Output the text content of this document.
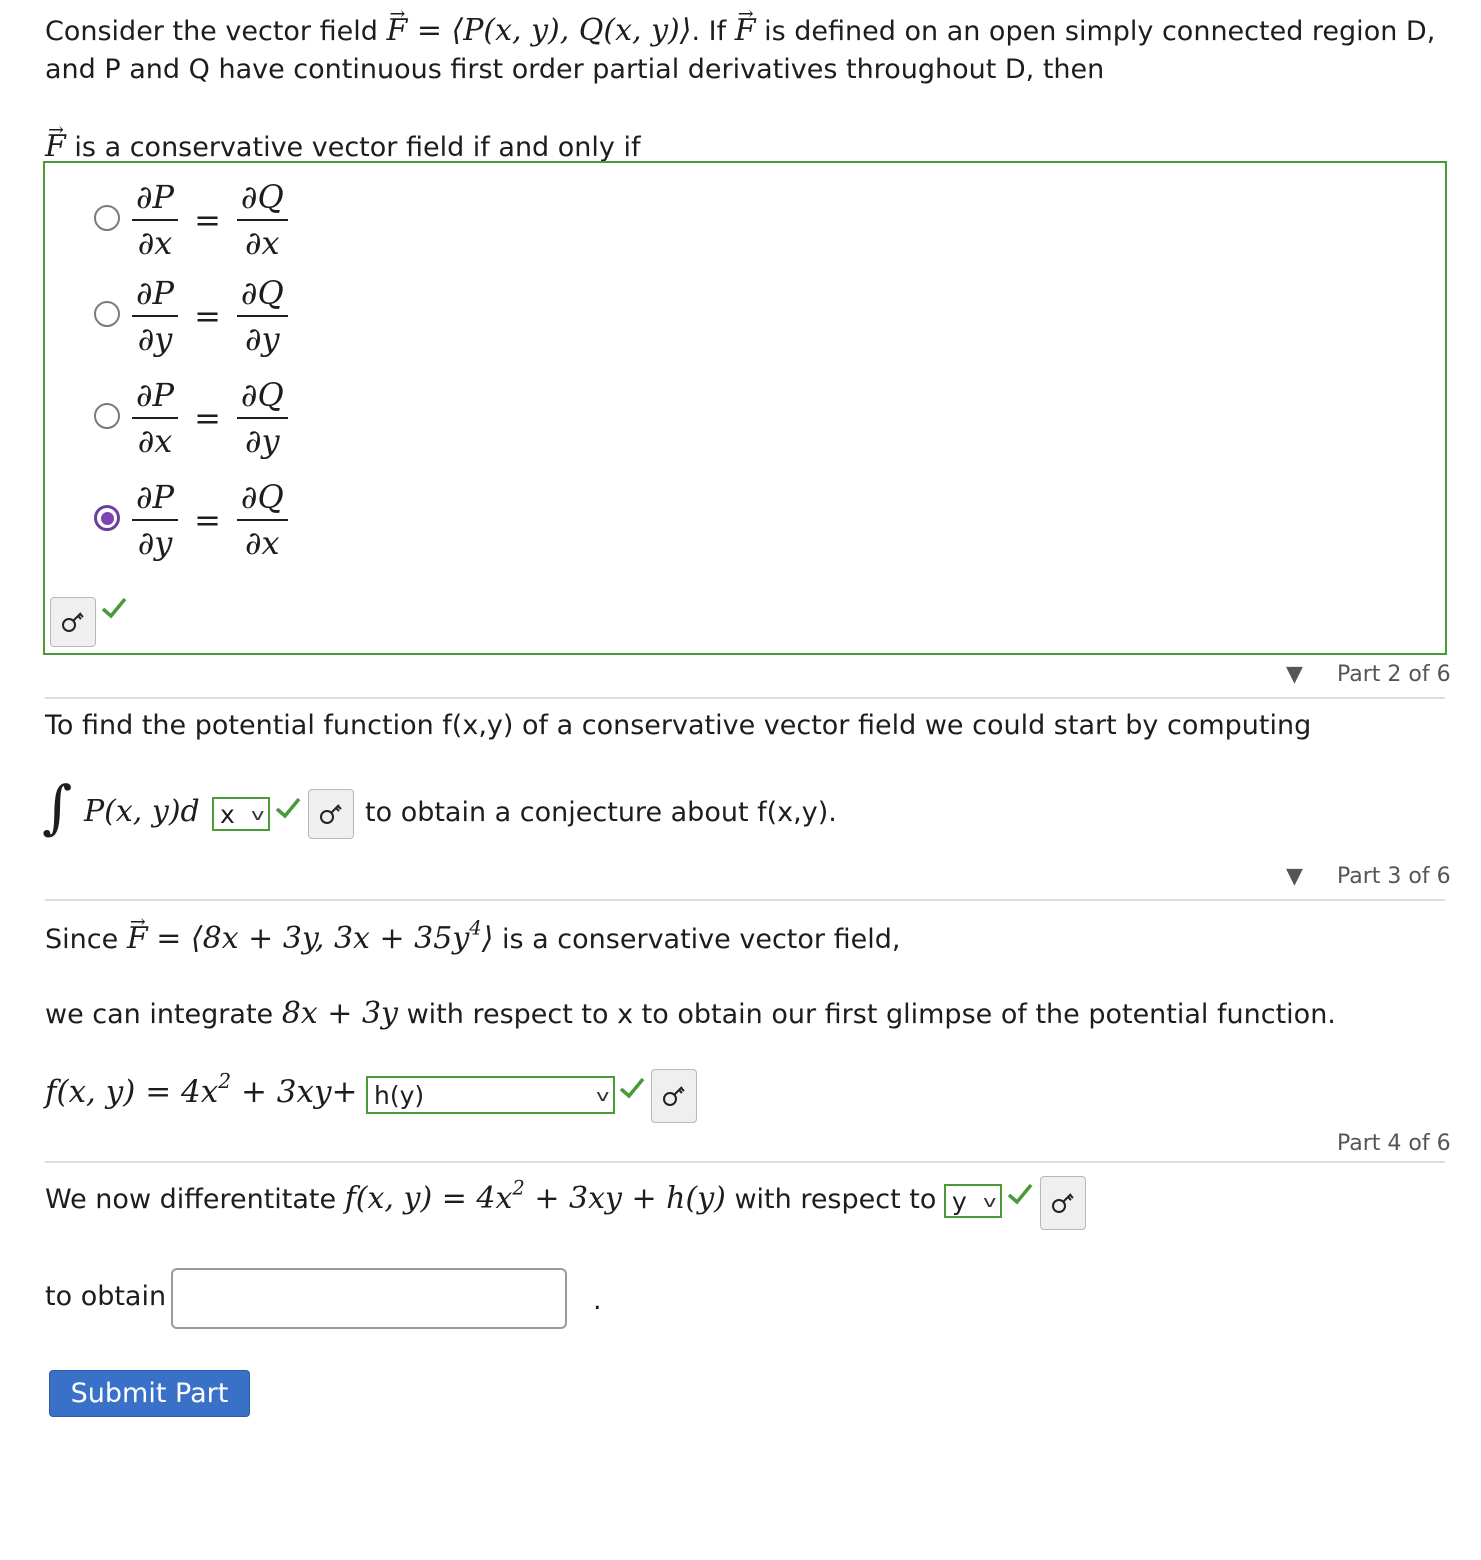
Consider the vector field → F = ⟨P(x, y), Q(x, y)⟩. If → F is defined on an open simply connected region D,
and P and Q have continuous first order partial derivatives throughout D, then
→ F is a conservative vector field if and only if
$\frac{\partial P}{\partial x} = \frac{\partial Q}{\partial x}$
$\frac{\partial P}{\partial y} = \frac{\partial Q}{\partial y}$
$\frac{\partial P}{\partial x} = \frac{\partial Q}{\partial y}$
$\frac{\partial P}{\partial y} = \frac{\partial Q}{\partial x}$
▼ Part 2 of 6
To find the potential function f(x,y) of a conservative vector field we could start by computing
∫ P(x, y)d x v	to obtain a conjecture about f(x,y).
▼ Part 3 of 6
Since → F = ⟨8x + 3y, $3x + 35y^4⟩$ is a conservative vector field,
we can integrate 8x + 3y with respect to x to obtain our first glimpse of the potential function.
f(x, $y) = 4x^2 + 3xy+ h(y)$	v
Part 4 of 6
We now differentitate f(x, $y) = 4x^2 + 3xy + h(y)$ with respect to y v
to obtain	.
Submit Part
